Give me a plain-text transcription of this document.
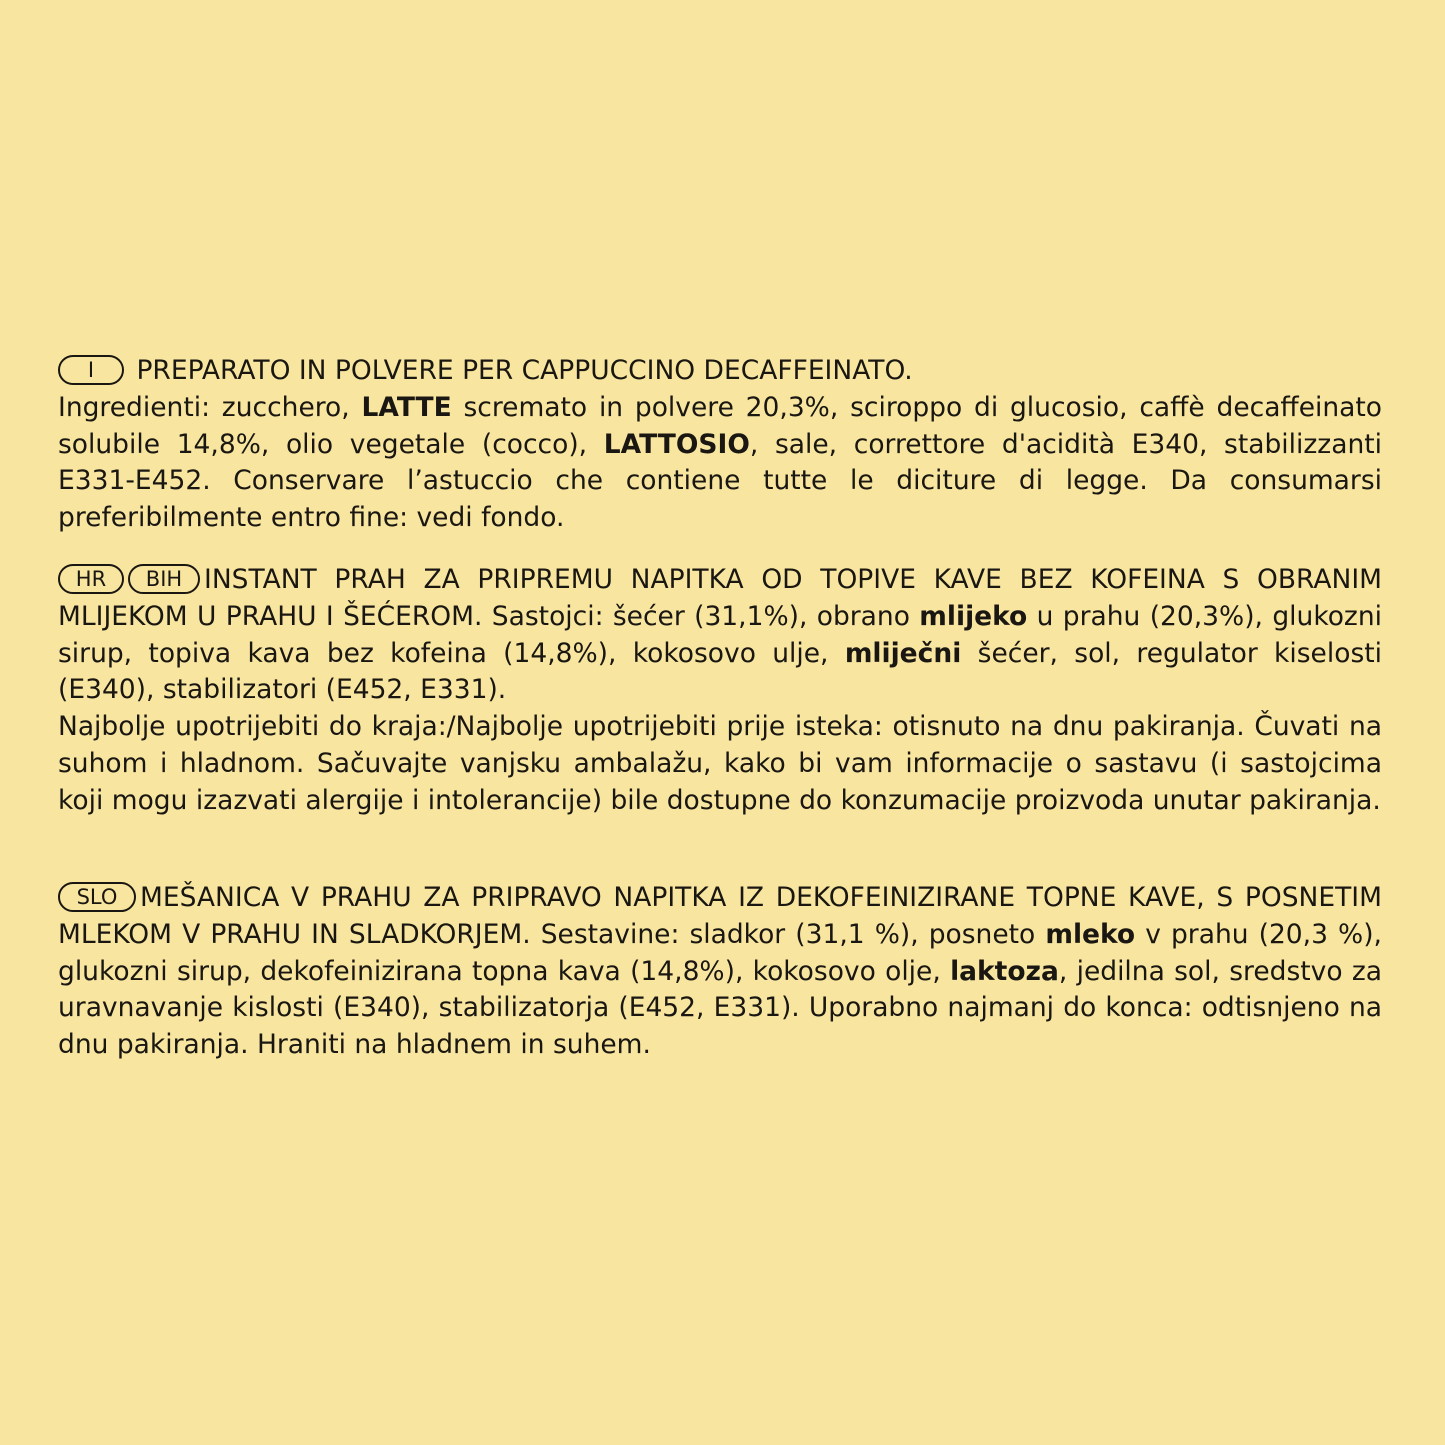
I PREPARATO IN POLVERE PER CAPPUCCINO DECAFFEINATO.

Ingredienti: zucchero, LATTE scremato in polvere 20,3%, sciroppo di glucosio, caffè decaffeinato solubile 14,8%, olio vegetale (cocco), LATTOSIO, sale, correttore d'acidità E340, stabilizzanti E331-E452. Conservare l’astuccio che contiene tutte le diciture di legge. Da consumarsi preferibilmente entro fine: vedi fondo.

HR BIH INSTANT PRAH ZA PRIPREMU NAPITKA OD TOPIVE KAVE BEZ KOFEINA S OBRANIM MLIJEKOM U PRAHU I ŠEĆEROM. Sastojci: šećer (31,1%), obrano mlijeko u prahu (20,3%), glukozni sirup, topiva kava bez kofeina (14,8%), kokosovo ulje, mliječni šećer, sol, regulator kiselosti (E340), stabilizatori (E452, E331).

Najbolje upotrijebiti do kraja:/Najbolje upotrijebiti prije isteka: otisnuto na dnu pakiranja. Čuvati na suhom i hladnom. Sačuvajte vanjsku ambalažu, kako bi vam informacije o sastavu (i sastojcima koji mogu izazvati alergije i intolerancije) bile dostupne do konzumacije proizvoda unutar pakiranja.

SLO MEŠANICA V PRAHU ZA PRIPRAVO NAPITKA IZ DEKOFEINIZIRANE TOPNE KAVE, S POSNETIM MLEKOM V PRAHU IN SLADKORJEM. Sestavine: sladkor (31,1 %), posneto mleko v prahu (20,3 %), glukozni sirup, dekofeinizirana topna kava (14,8%), kokosovo olje, laktoza, jedilna sol, sredstvo za uravnavanje kislosti (E340), stabilizatorja (E452, E331). Uporabno najmanj do konca: odtisnjeno na dnu pakiranja. Hraniti na hladnem in suhem.
